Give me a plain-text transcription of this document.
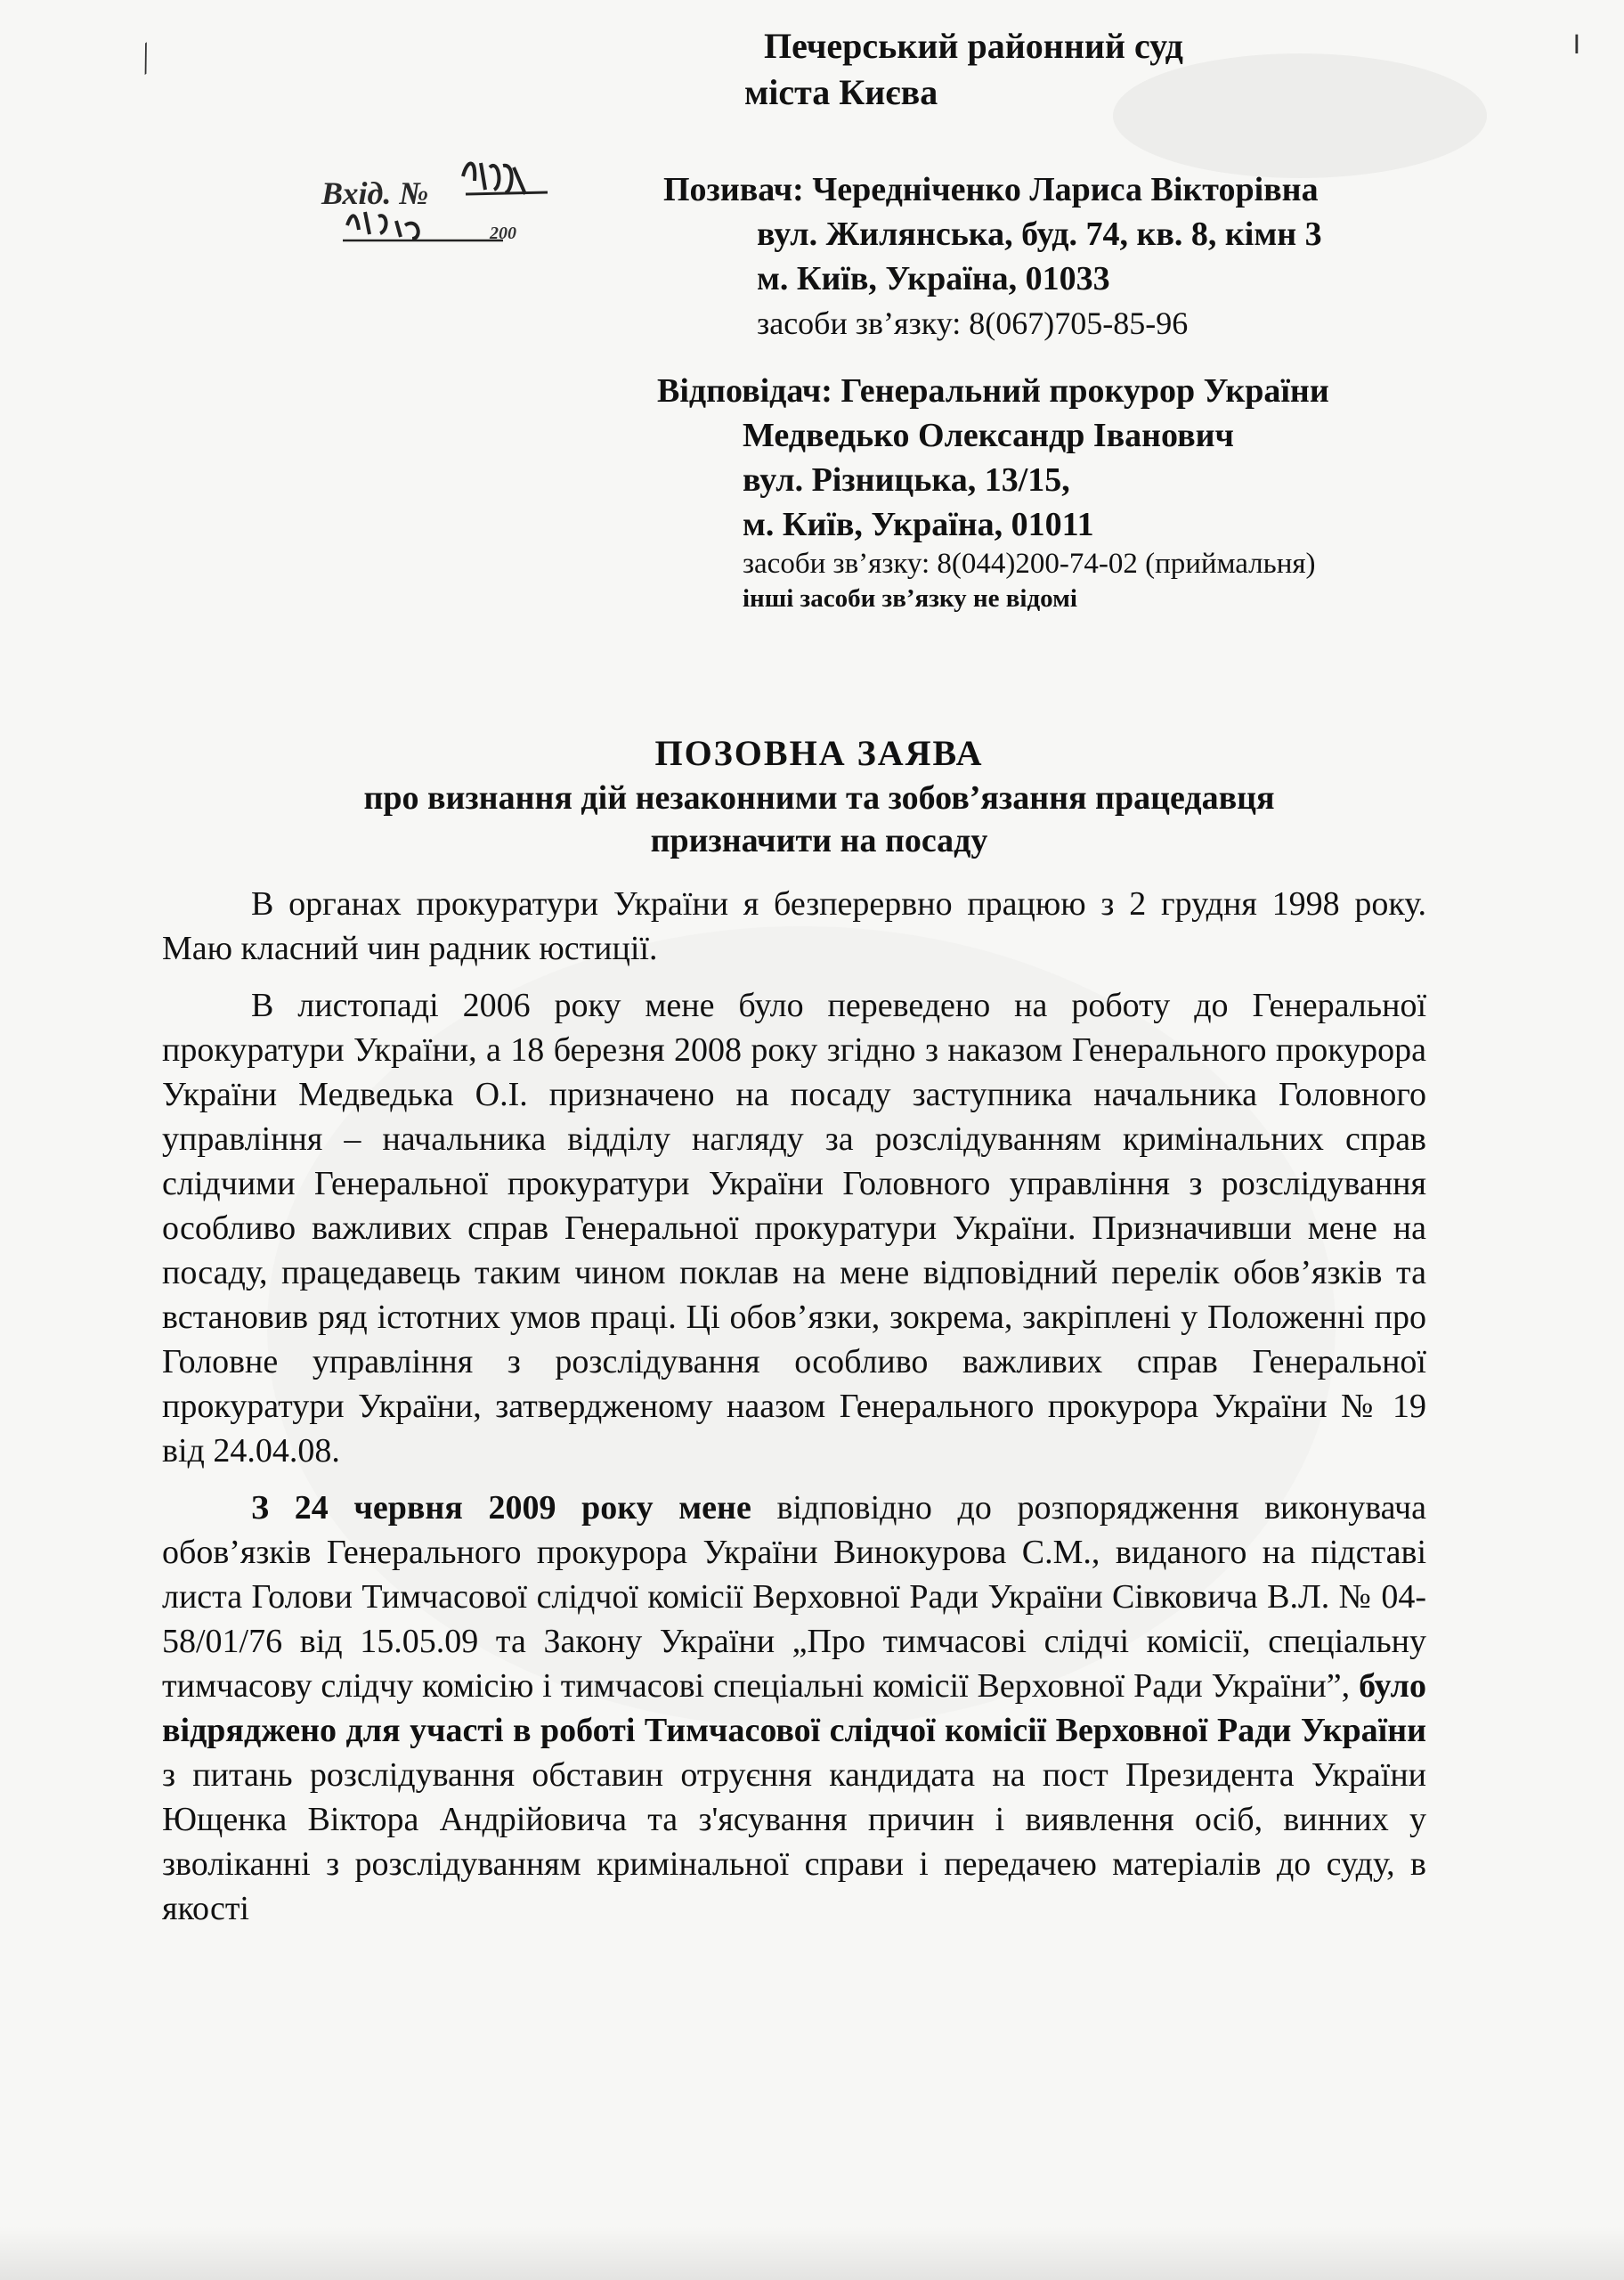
⁄
╷
Печерський районний суд
міста Києва
Вхід. №
200
Позивач: Чередніченко Лариса Вікторівна
вул. Жилянська, буд. 74, кв. 8, кімн 3
м. Київ, Україна, 01033
засоби зв’язку: 8(067)705-85-96
Відповідач: Генеральний прокурор України
Медведько Олександр Іванович
вул. Різницька, 13/15,
м. Київ, Україна, 01011
засоби зв’язку: 8(044)200-74-02 (приймальня)
інші засоби зв’язку не відомі
ПОЗОВНА ЗАЯВА
про визнання дій незаконними та зобов’язання працедавця
призначити на посаду

В органах прокуратури України я безперервно працюю з 2 грудня 1998 року. Маю класний чин радник юстиції.

В листопаді 2006 року мене було переведено на роботу до Генеральної прокуратури України, а 18 березня 2008 року згідно з наказом Генерального прокурора України Медведька О.І. призначено на посаду заступника начальника Головного управління – начальника відділу нагляду за розслідуванням кримінальних справ слідчими Генеральної прокуратури України Головного управління з розслідування особливо важливих справ Генеральної прокуратури України. Призначивши мене на посаду, працедавець таким чином поклав на мене відповідний перелік обов’язків та встановив ряд істотних умов праці. Ці обов’язки, зокрема, закріплені у Положенні про Головне управління з розслідування особливо важливих справ Генеральної прокуратури України, затвердженому наазом Генерального прокурора України № 19 від 24.04.08.

З 24 червня 2009 року мене відповідно до розпорядження виконувача обов’язків Генерального прокурора України Винокурова С.М., виданого на підставі листа Голови Тимчасової слідчої комісії Верховної Ради України Сівковича В.Л. № 04-58/01/76 від 15.05.09 та Закону України „Про тимчасові слідчі комісії, спеціальну тимчасову слідчу комісію і тимчасові спеціальні комісії Верховної Ради України”, було відряджено для участі в роботі Тимчасової слідчої комісії Верховної Ради України з питань розслідування обставин отруєння кандидата на пост Президента України Ющенка Віктора Андрійовича та з'ясування причин і виявлення осіб, винних у зволіканні з розслідуванням кримінальної справи і передачею матеріалів до суду, в якості
